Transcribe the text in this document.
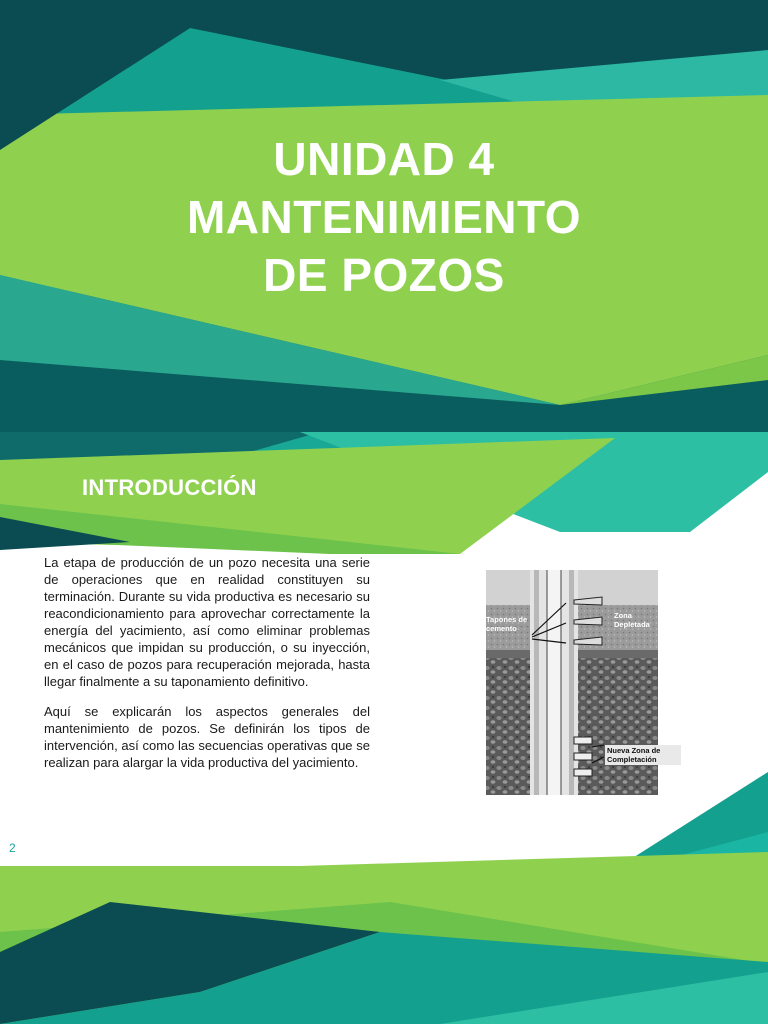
UNIDAD 4
MANTENIMIENTO
DE POZOS
INTRODUCCIÓN

La etapa de producción de un pozo necesita una serie de operaciones que en realidad constituyen su terminación. Durante su vida productiva es necesario su reacondicionamiento para aprovechar correctamente la energía del yacimiento, así como eliminar problemas mecánicos que impidan su producción, o su inyección, en el caso de pozos para recuperación mejorada, hasta llegar finalmente a su taponamiento definitivo.

Aquí se explicarán los aspectos generales del mantenimiento de pozos. Se definirán los tipos de intervención, así como las secuencias operativas que se realizan para alargar la vida productiva del yacimiento.

Tapones de cemento
Zona Depletada
Nueva Zona de Completación
2
